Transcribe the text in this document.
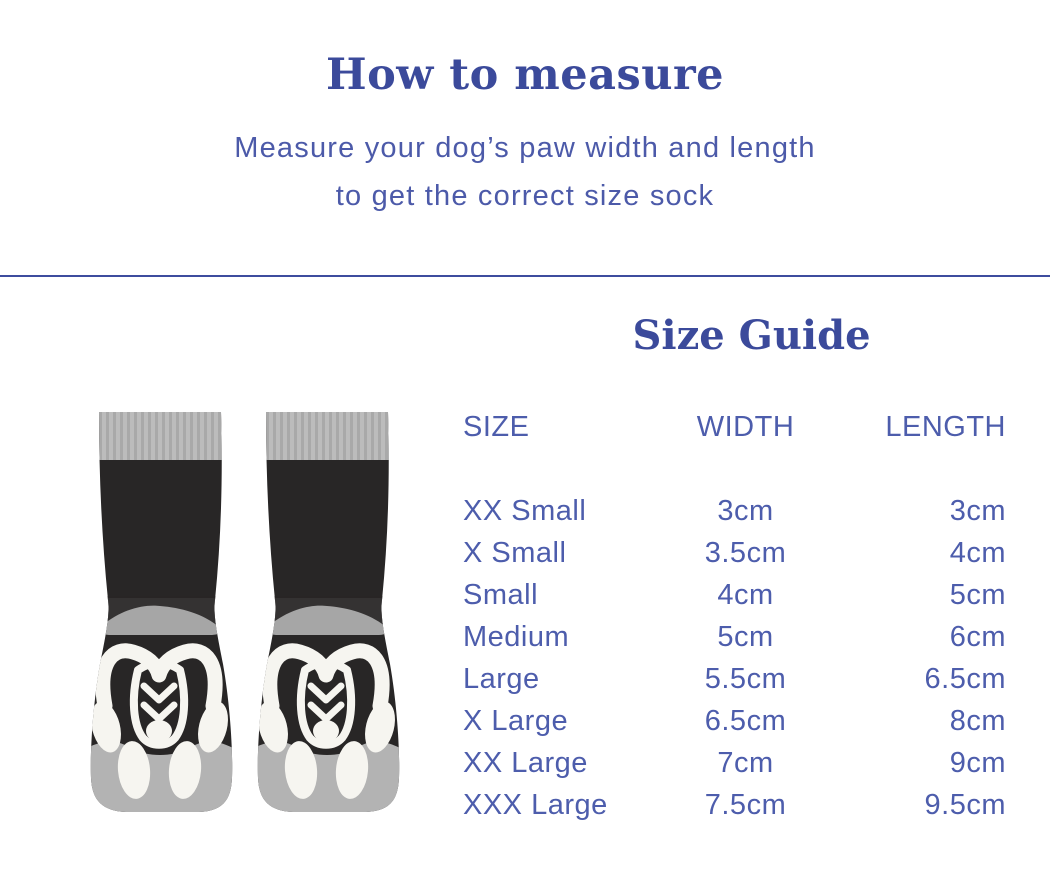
How to measure

Measure your dog’s paw width and length
to get the correct size sock

Size Guide
SIZE	WIDTH	LENGTH
XX Small	3cm	3cm
X Small	3.5cm	4cm
Small	4cm	5cm
Medium	5cm	6cm
Large	5.5cm	6.5cm
X Large	6.5cm	8cm
XX Large	7cm	9cm
XXX Large	7.5cm	9.5cm
